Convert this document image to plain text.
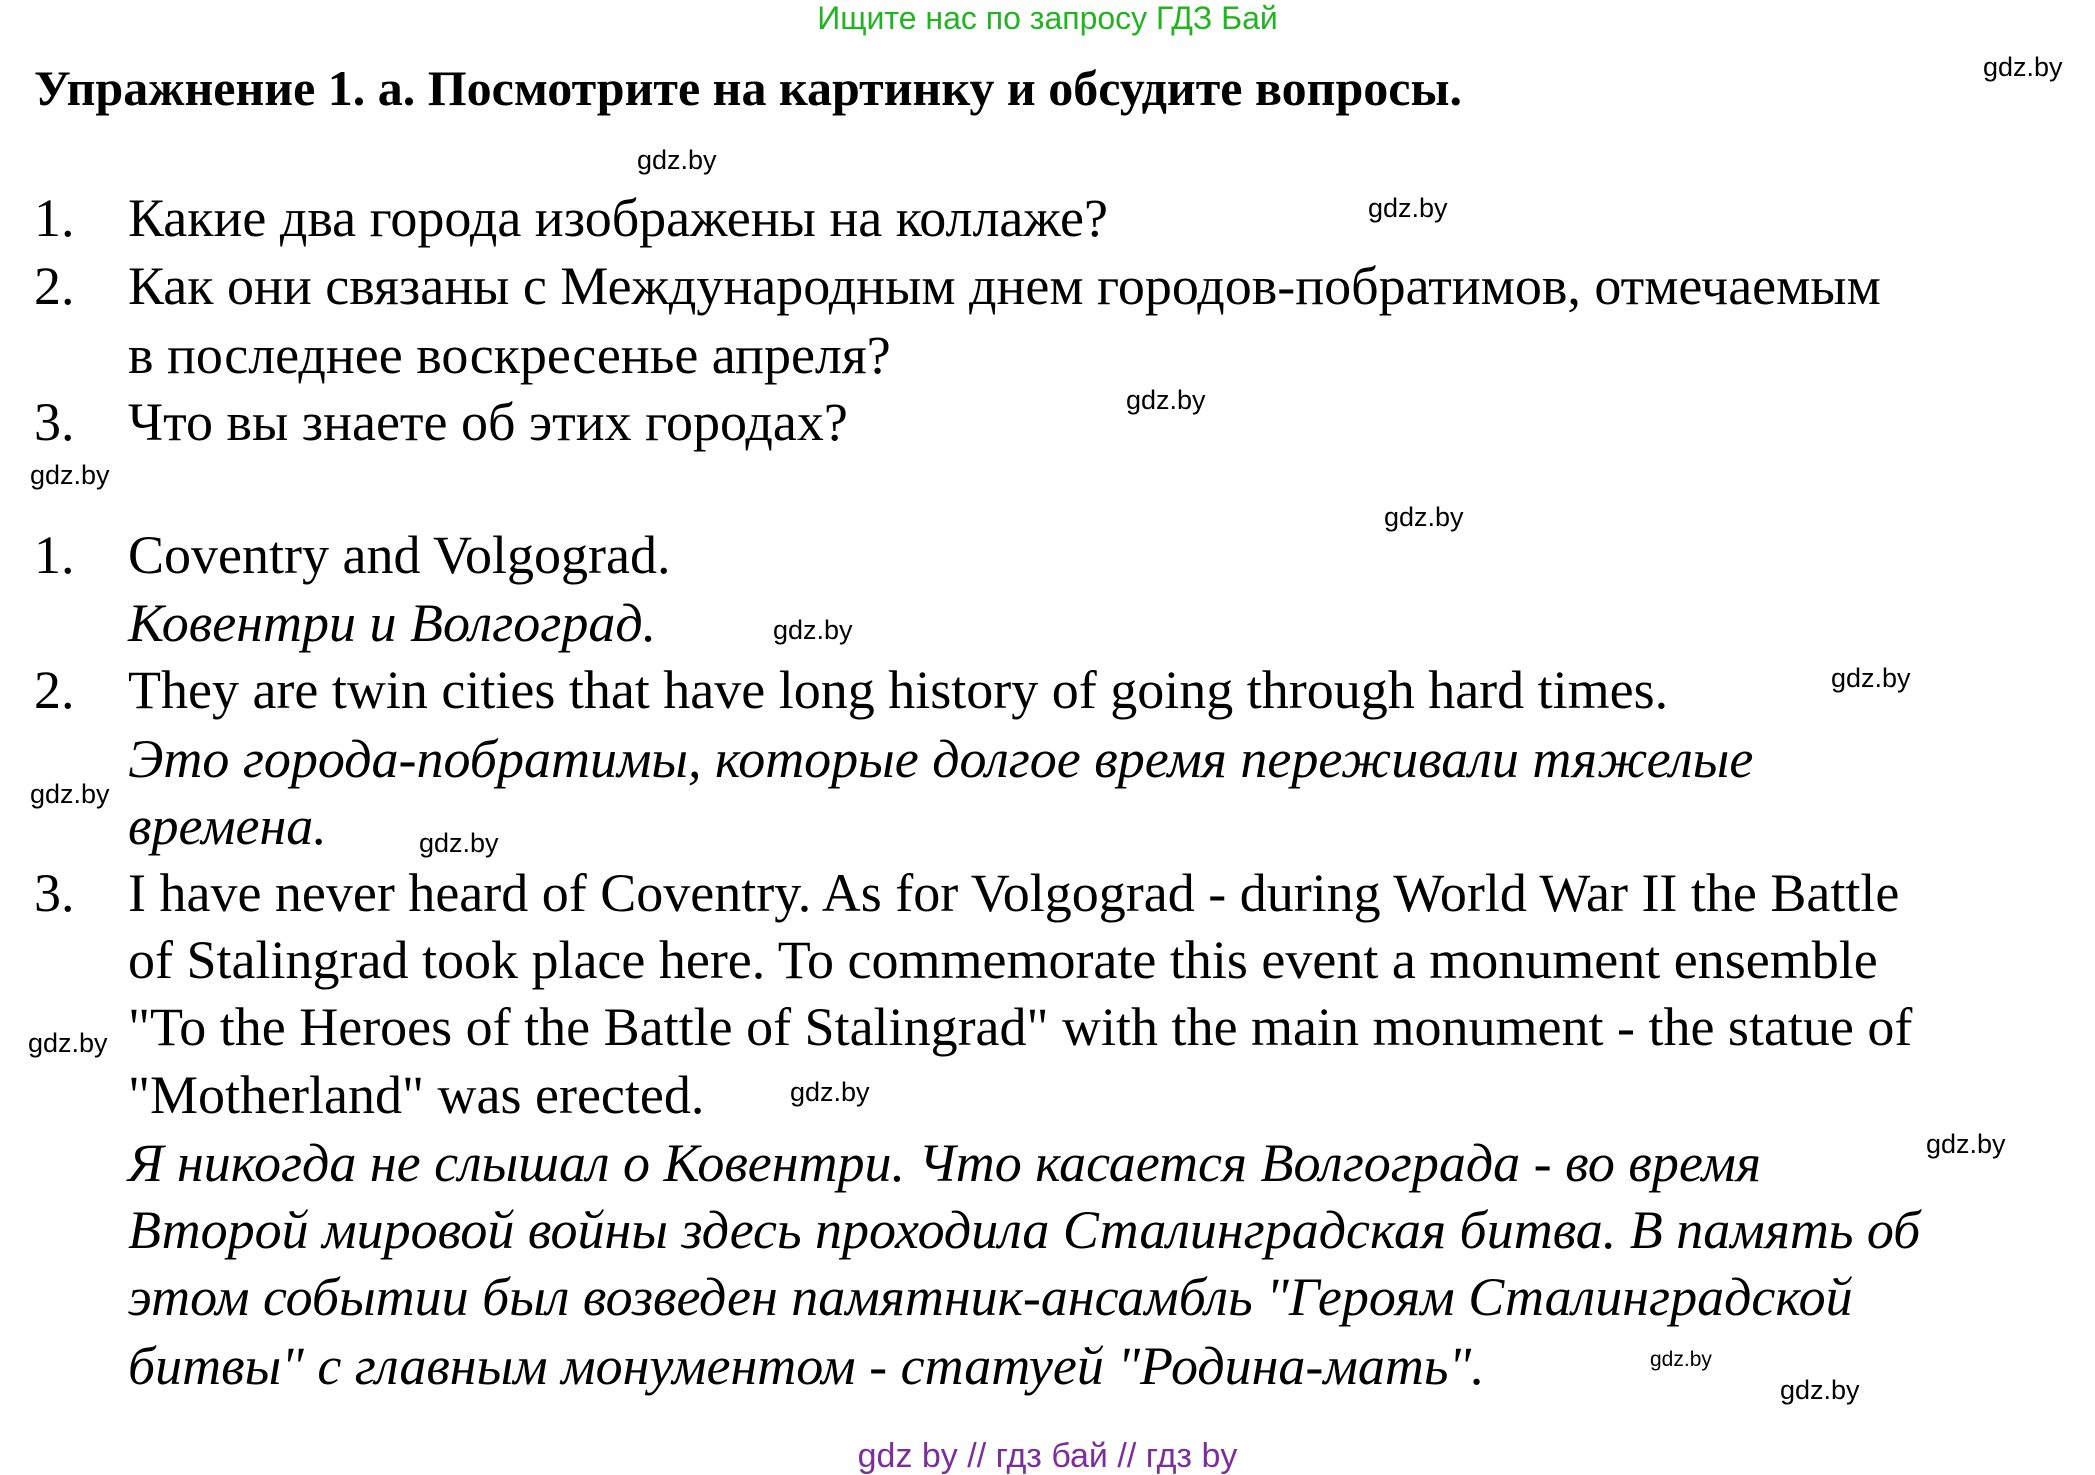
Ищите нас по запросу ГДЗ Бай
Упражнение 1. а. Посмотрите на картинку и обсудите вопросы.
1. Какие два города изображены на коллаже?
2. Как они связаны с Международным днем городов-побратимов, отмечаемым
в последнее воскресенье апреля?
3. Что вы знаете об этих городах?
1. Coventry and Volgograd.
Ковентри и Волгоград.
2. They are twin cities that have long history of going through hard times.
Это города-побратимы, которые долгое время переживали тяжелые
времена.
3. I have never heard of Coventry. As for Volgograd - during World War II the Battle
of Stalingrad took place here. To commemorate this event a monument ensemble
"To the Heroes of the Battle of Stalingrad" with the main monument - the statue of
"Motherland" was erected.
Я никогда не слышал о Ковентри. Что касается Волгограда - во время
Второй мировой войны здесь проходила Сталинградская битва. В память об
этом событии был возведен памятник-ансамбль "Героям Сталинградской
битвы" с главным монументом - статуей "Родина-мать".
gdz.by
gdz.by
gdz.by
gdz.by
gdz.by
gdz.by
gdz.by
gdz.by
gdz.by
gdz.by
gdz.by
gdz.by
gdz.by
gdz.by
gdz.by
gdz by // гдз бай // гдз by
